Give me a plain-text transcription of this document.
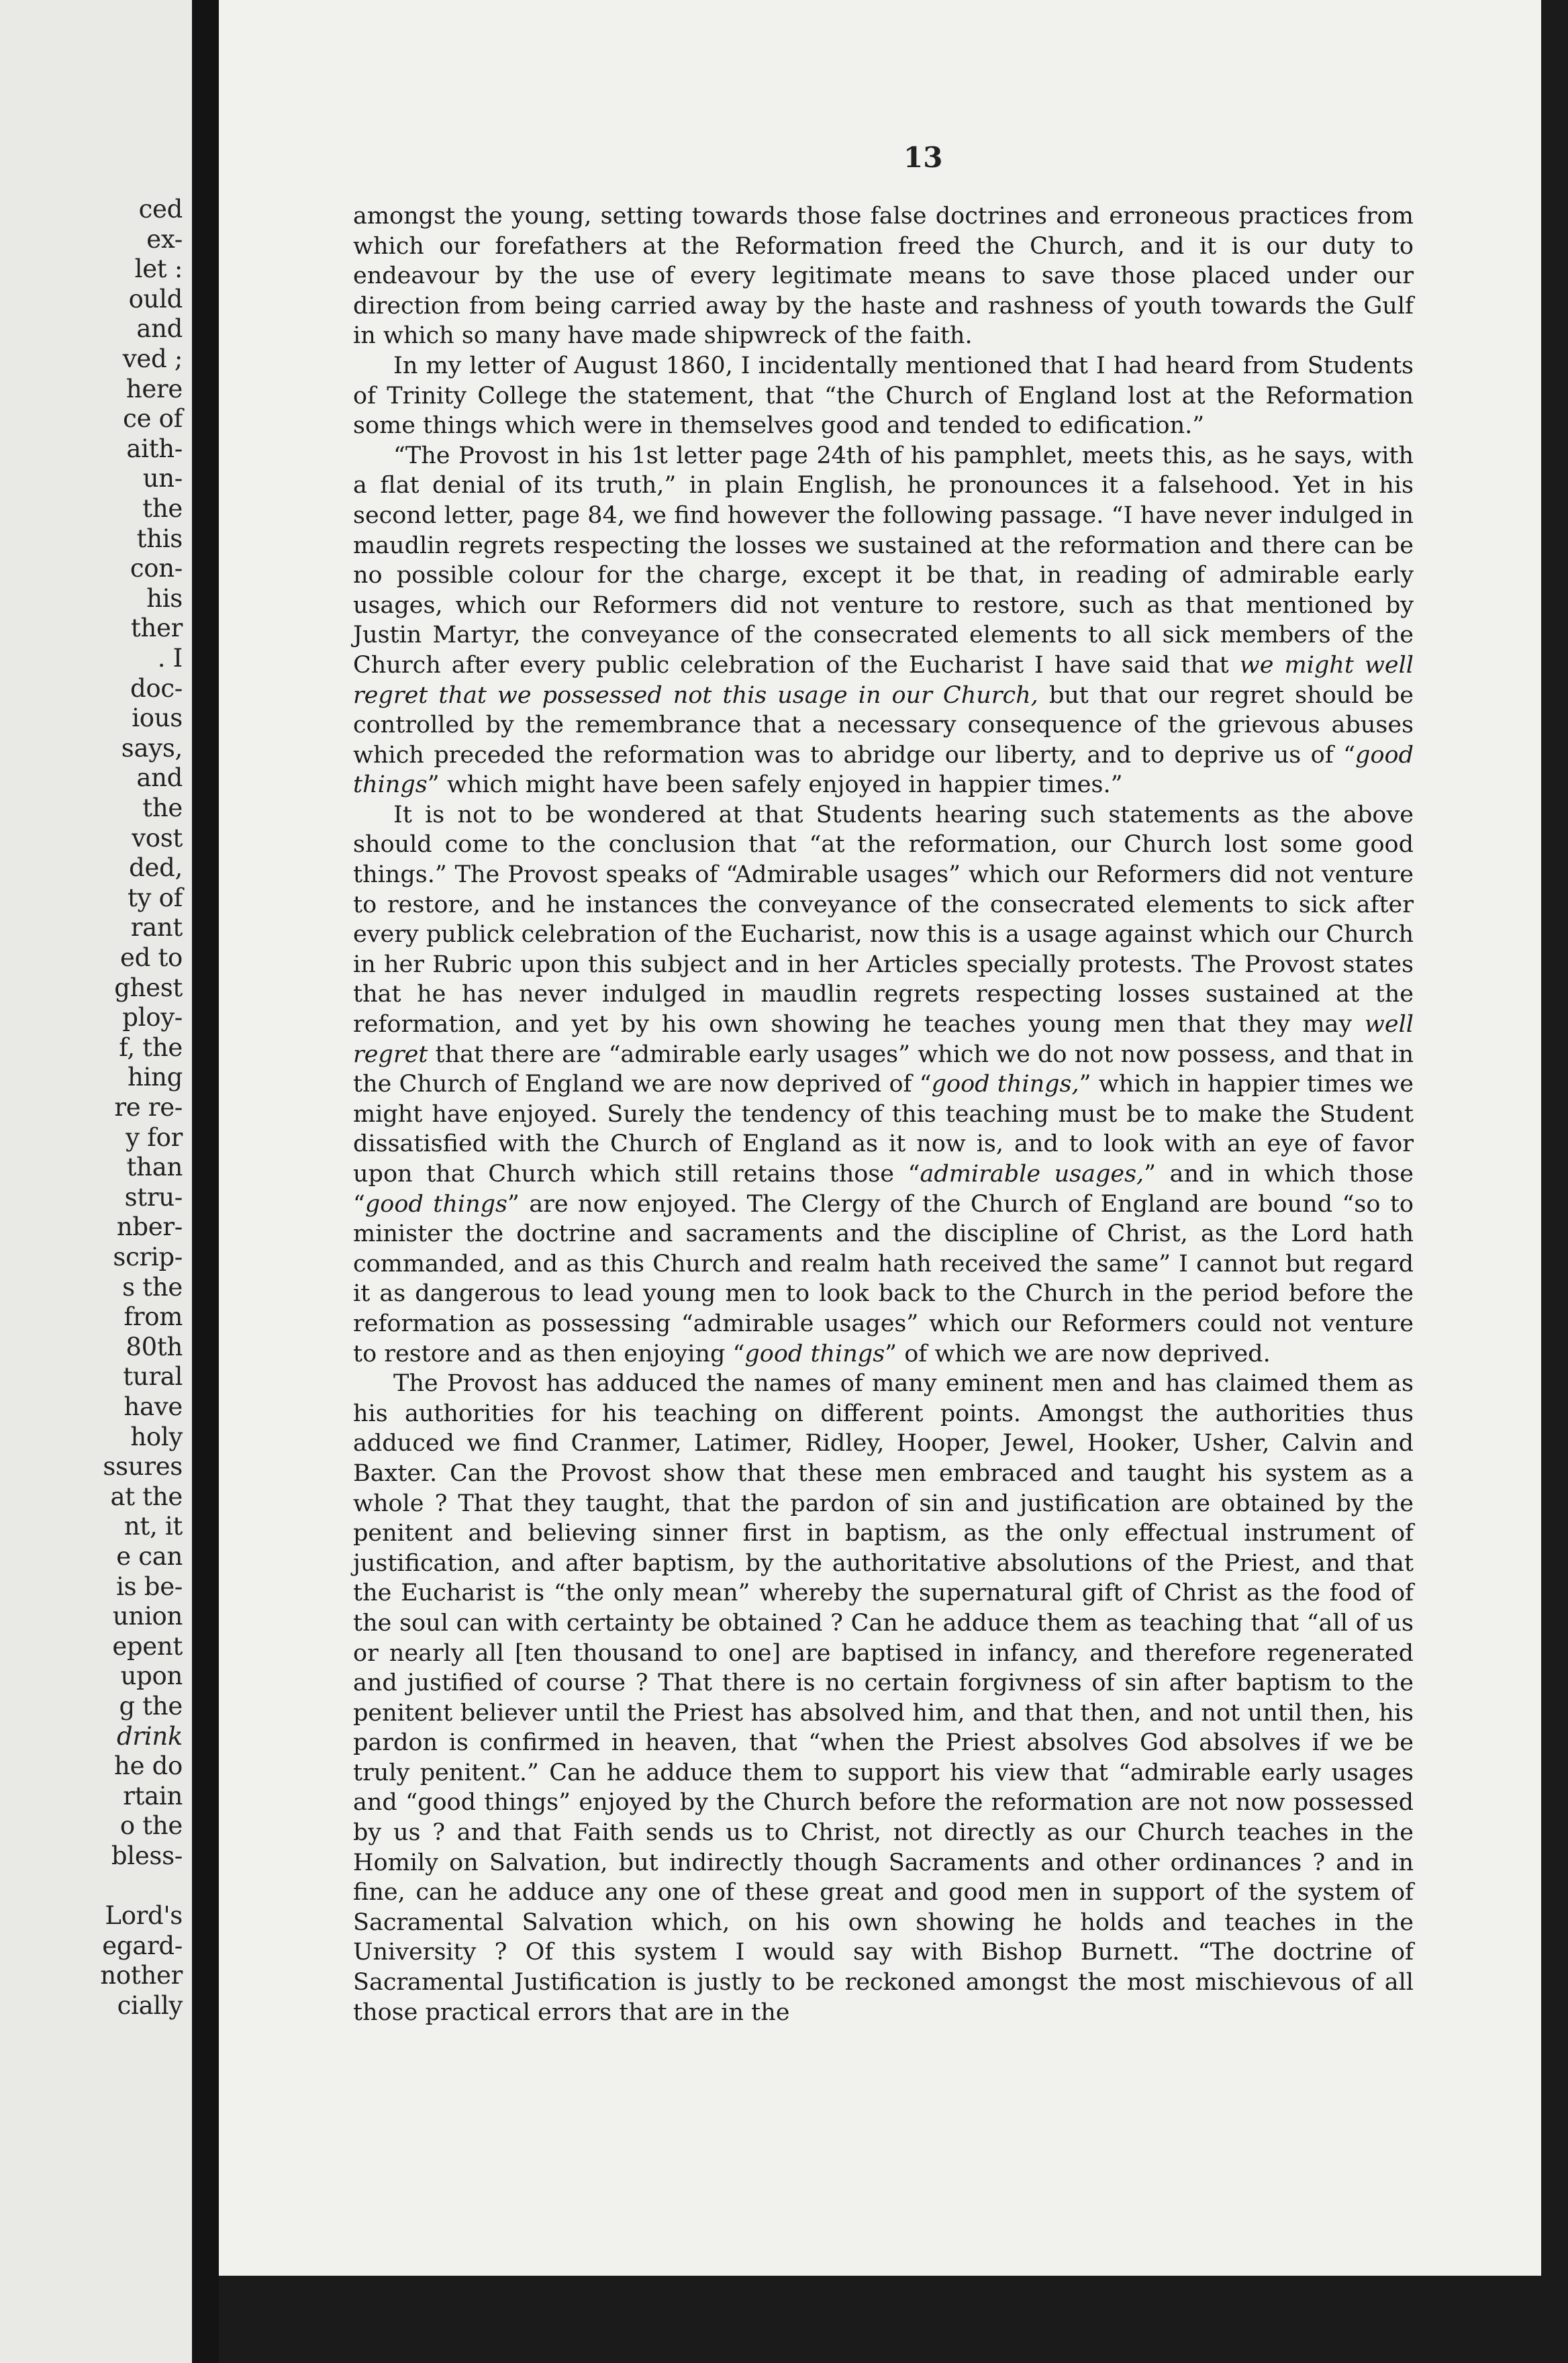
ced
ex-
let :
ould
and
ved ;
here
ce of
aith-
un-
the
this
con-
his
ther
. I
doc-
ious
says,
and
the
vost
ded,
ty of
rant
ed to
ghest
ploy-
f, the
hing
re re-
y for
than
stru-
nber-
scrip-
s the
from
80th
tural
have
holy
ssures
at the
nt, it
e can
is be-
union
epent
upon
g the
drink
he do
rtain
o the
bless-
Lord's
egard-
nother
cially
13

amongst the young, setting towards those false doctrines and erroneous practices from which our forefathers at the Reformation freed the Church, and it is our duty to endeavour by the use of every legitimate means to save those placed under our direction from being carried away by the haste and rashness of youth towards the Gulf in which so many have made shipwreck of the faith.

In my letter of August 1860, I incidentally mentioned that I had heard from Students of Trinity College the statement, that “the Church of England lost at the Reformation some things which were in themselves good and tended to edification.”

“The Provost in his 1st letter page 24th of his pamphlet, meets this, as he says, with a flat denial of its truth,” in plain English, he pronounces it a falsehood. Yet in his second letter, page 84, we find however the following passage. “I have never indulged in maudlin regrets respecting the losses we sustained at the reformation and there can be no possible colour for the charge, except it be that, in reading of admirable early usages, which our Reformers did not venture to restore, such as that mentioned by Justin Martyr, the conveyance of the consecrated elements to all sick members of the Church after every public celebration of the Eucharist I have said that we might well regret that we possessed not this usage in our Church, but that our regret should be controlled by the remembrance that a necessary consequence of the grievous abuses which preceded the reformation was to abridge our liberty, and to deprive us of “good things” which might have been safely enjoyed in happier times.”

It is not to be wondered at that Students hearing such statements as the above should come to the conclusion that “at the reformation, our Church lost some good things.” The Provost speaks of “Admirable usages” which our Reformers did not venture to restore, and he instances the conveyance of the consecrated elements to sick after every publick celebration of the Eucharist, now this is a usage against which our Church in her Rubric upon this subject and in her Articles specially protests. The Provost states that he has never indulged in maudlin regrets respecting losses sustained at the reformation, and yet by his own showing he teaches young men that they may well regret that there are “admirable early usages” which we do not now possess, and that in the Church of England we are now deprived of “good things,” which in happier times we might have enjoyed. Surely the tendency of this teaching must be to make the Student dissatisfied with the Church of England as it now is, and to look with an eye of favor upon that Church which still retains those “admirable usages,” and in which those “good things” are now enjoyed. The Clergy of the Church of England are bound “so to minister the doctrine and sacraments and the discipline of Christ, as the Lord hath commanded, and as this Church and realm hath received the same” I cannot but regard it as dangerous to lead young men to look back to the Church in the period before the reformation as possessing “admirable usages” which our Reformers could not venture to restore and as then enjoying “good things” of which we are now deprived.

The Provost has adduced the names of many eminent men and has claimed them as his authorities for his teaching on different points. Amongst the authorities thus adduced we find Cranmer, Latimer, Ridley, Hooper, Jewel, Hooker, Usher, Calvin and Baxter. Can the Provost show that these men embraced and taught his system as a whole ? That they taught, that the pardon of sin and justification are obtained by the penitent and believing sinner first in baptism, as the only effectual instrument of justification, and after baptism, by the authoritative absolutions of the Priest, and that the Eucharist is “the only mean” whereby the supernatural gift of Christ as the food of the soul can with certainty be obtained ? Can he adduce them as teaching that “all of us or nearly all [ten thousand to one] are baptised in infancy, and therefore regenerated and justified of course ? That there is no certain forgivness of sin after baptism to the penitent believer until the Priest has absolved him, and that then, and not until then, his pardon is confirmed in heaven, that “when the Priest absolves God absolves if we be truly penitent.” Can he adduce them to support his view that “admirable early usages and “good things” enjoyed by the Church before the reformation are not now possessed by us ? and that Faith sends us to Christ, not directly as our Church teaches in the Homily on Salvation, but indirectly though Sacraments and other ordinances ? and in fine, can he adduce any one of these great and good men in support of the system of Sacramental Salvation which, on his own showing he holds and teaches in the University ? Of this system I would say with Bishop Burnett. “The doctrine of Sacramental Justification is justly to be reckoned amongst the most mischievous of all those practical errors that are in the
